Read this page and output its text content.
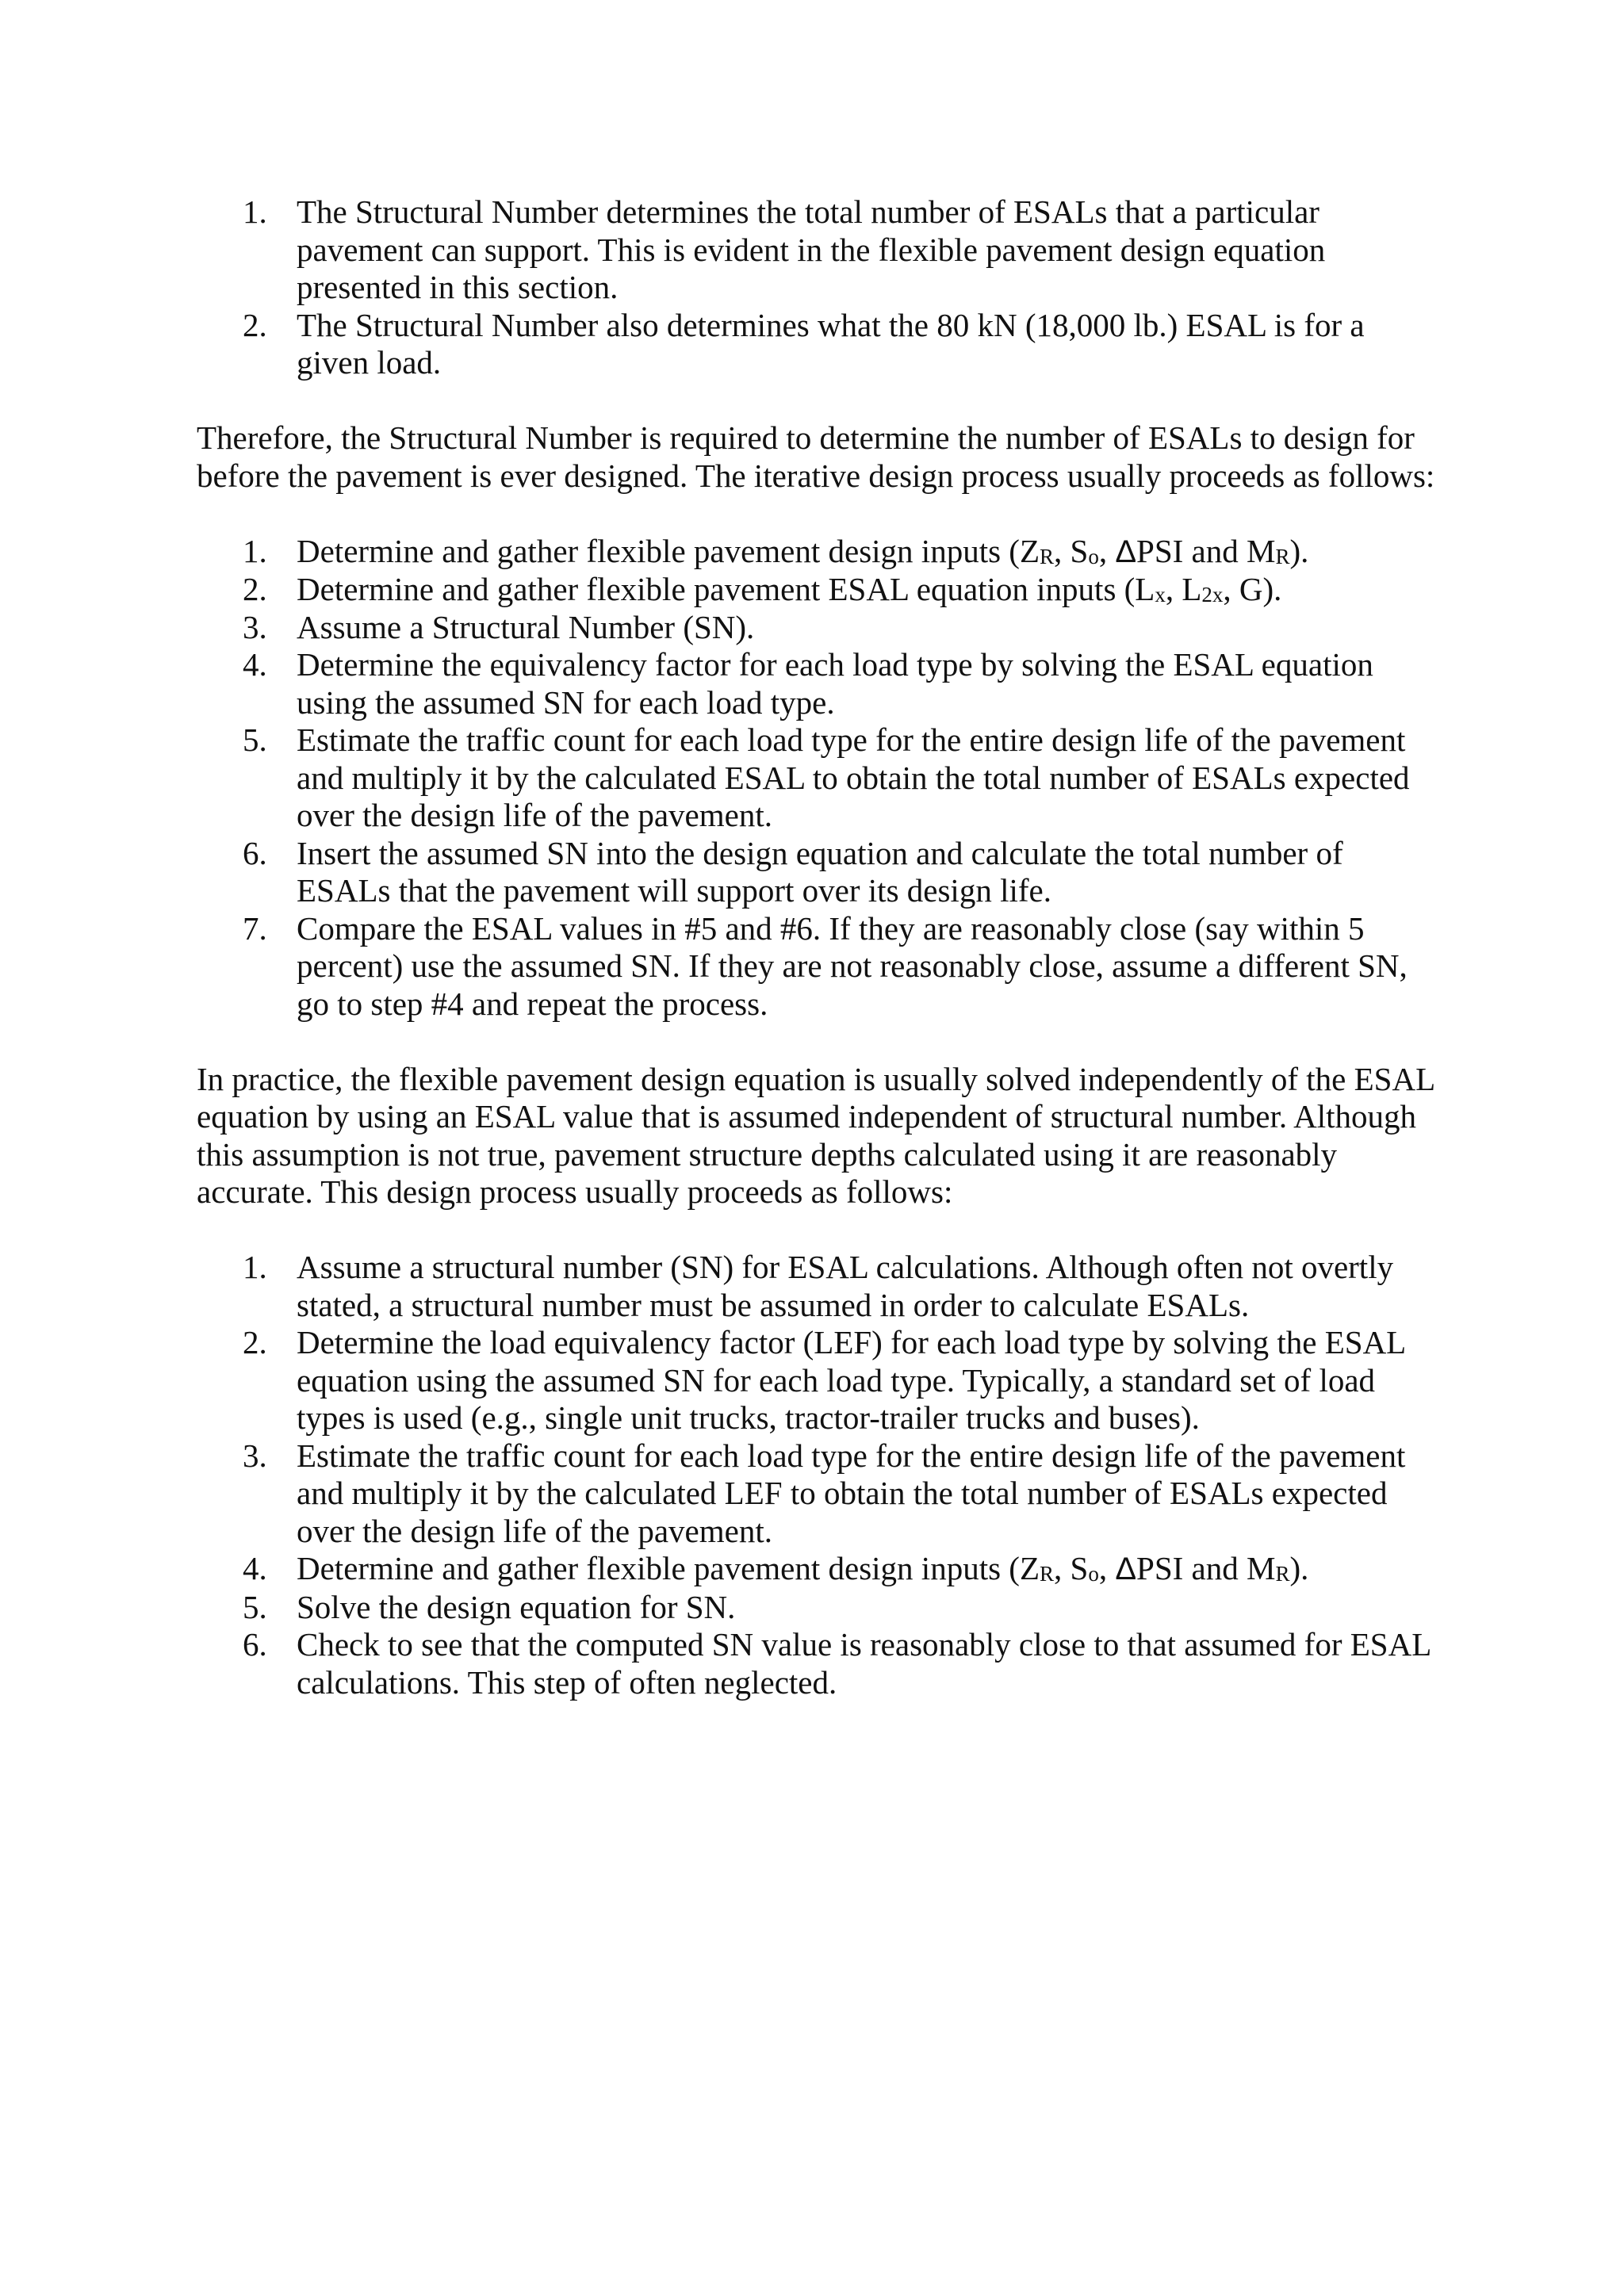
1. The Structural Number determines the total number of ESALs that a particular pavement can support. This is evident in the flexible pavement design equation presented in this section.
2. The Structural Number also determines what the 80 kN (18,000 lb.) ESAL is for a given load.

Therefore, the Structural Number is required to determine the number of ESALs to design for before the pavement is ever designed. The iterative design process usually proceeds as follows:

1. Determine and gather flexible pavement design inputs ($Z_R$, $S_o$, ΔPSI and $M_R$).
2. Determine and gather flexible pavement ESAL equation inputs ($L_x$, $L_{2x}$, G).
3. Assume a Structural Number (SN).
4. Determine the equivalency factor for each load type by solving the ESAL equation using the assumed SN for each load type.
5. Estimate the traffic count for each load type for the entire design life of the pavement and multiply it by the calculated ESAL to obtain the total number of ESALs expected over the design life of the pavement.
6. Insert the assumed SN into the design equation and calculate the total number of ESALs that the pavement will support over its design life.
7. Compare the ESAL values in #5 and #6. If they are reasonably close (say within 5 percent) use the assumed SN. If they are not reasonably close, assume a different SN, go to step #4 and repeat the process.

In practice, the flexible pavement design equation is usually solved independently of the ESAL equation by using an ESAL value that is assumed independent of structural number. Although this assumption is not true, pavement structure depths calculated using it are reasonably accurate. This design process usually proceeds as follows:

1. Assume a structural number (SN) for ESAL calculations. Although often not overtly stated, a structural number must be assumed in order to calculate ESALs.
2. Determine the load equivalency factor (LEF) for each load type by solving the ESAL equation using the assumed SN for each load type. Typically, a standard set of load types is used (e.g., single unit trucks, tractor-trailer trucks and buses).
3. Estimate the traffic count for each load type for the entire design life of the pavement and multiply it by the calculated LEF to obtain the total number of ESALs expected over the design life of the pavement.
4. Determine and gather flexible pavement design inputs ($Z_R$, $S_o$, ΔPSI and $M_R$).
5. Solve the design equation for SN.
6. Check to see that the computed SN value is reasonably close to that assumed for ESAL calculations. This step of often neglected.
